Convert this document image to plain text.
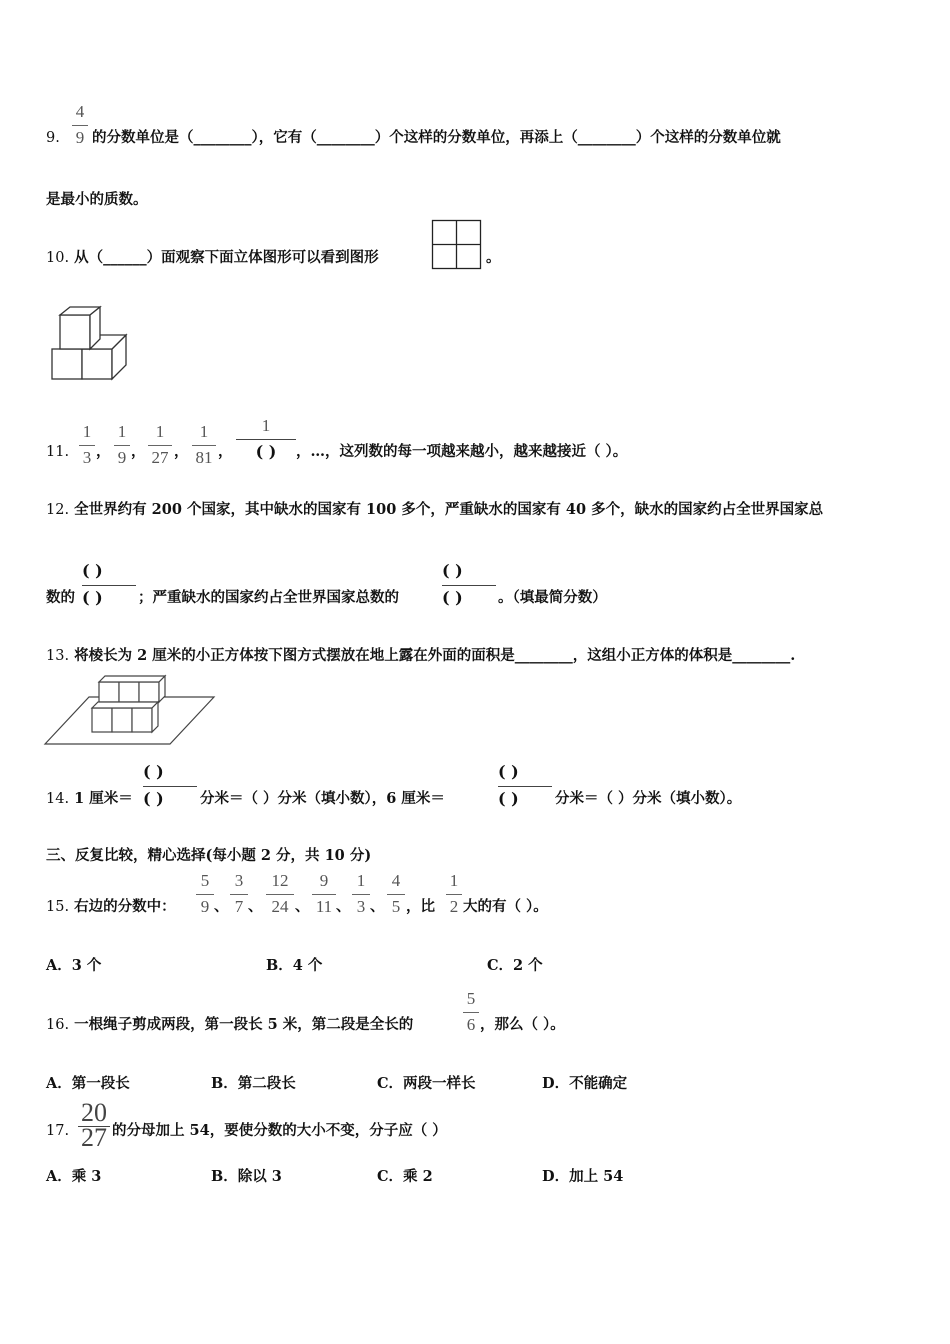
4
9
9. 的分数单位是（________），它有（________）个这样的分数单位，再添上（________）个这样的分数单位就
是最小的质数。
10. 从（______）面观察下面立体图形可以看到图形	。
11.
1
3 ，
1
9 ，
1
27 ，
1
81 ，
1
( )	，…，这列数的每一项越来越小，越来越接近（ ）。
12. 全世界约有 200 个国家，其中缺水的国家有 100 多个，严重缺水的国家有 40 多个，缺水的国家约占全世界国家总
数的
( )
( ) ；严重缺水的国家约占全世界国家总数的
( )
( ) 。（填最简分数）
13. 将棱长为 2 厘米的小正方体按下图方式摆放在地上露在外面的面积是________，这组小正方体的体积是________.
14. 1 厘米＝
( )
( )	分米＝（ ）分米（填小数），6 厘米＝
( )
( )	分米＝（ ）分米（填小数）。
三、反复比较，精心选择(每小题 2 分，共 10 分)
15. 右边的分数中：
5
9 、
3
7 、
12
24 、
9
11 、
1
3 、
4
5 ，比
1
2 大的有（ ）。
A．3 个	B．4 个	C．2 个
16. 一根绳子剪成两段，第一段长 5 米，第二段是全长的
5
6 ，那么（ ）。
A．第一段长	B．第二段长	C．两段一样长	D．不能确定
17.
20
27 的分母加上 54，要使分数的大小不变，分子应（ ）
A．乘 3	B．除以 3	C．乘 2	D．加上 54
